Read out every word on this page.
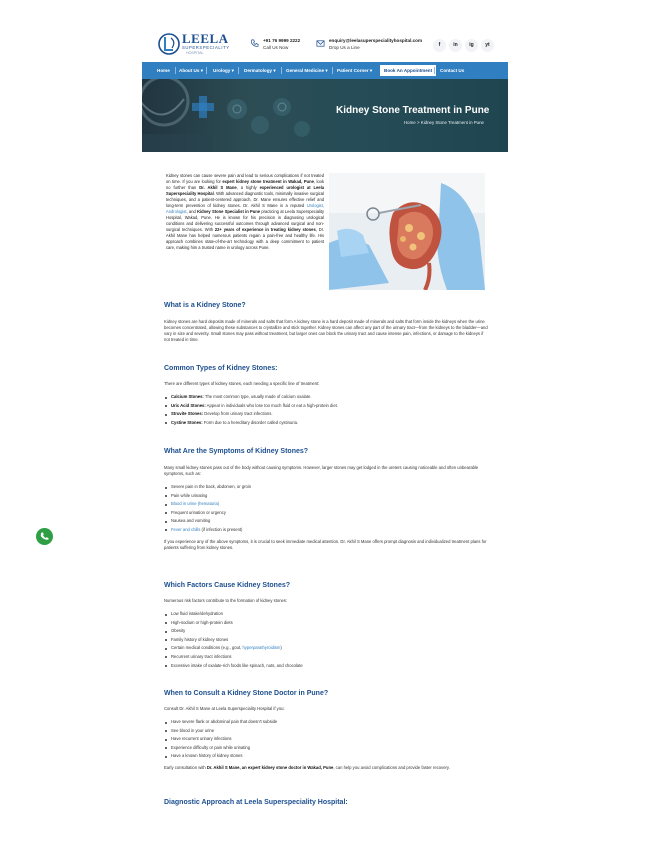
LEELA
SUPERSPECIALITY
HOSPITAL
+91 76 9999 2222
Call Us Now
enquiry@leelasuperspecialityhospital.com
Drop Us a Line	f	in	ig	yt
Home About Us ▾ Urology ▾ Dermatology ▾ General Medicine ▾ Patient Corner ▾	Book An Appointment	Contact Us
Kidney Stone Treatment in Pune
Home > Kidney Stone Treatment in Pune
Kidney stones can cause severe pain and lead to serious complications if not treated on time. If you are looking for expert kidney stone treatment in Wakad, Pune, look no further than Dr. Akhil S Mane, a highly experienced urologist at Leela Superspeciality Hospital. With advanced diagnostic tools, minimally invasive surgical techniques, and a patient-centered approach, Dr. Mane ensures effective relief and long-term prevention of kidney stones. Dr. Akhil S Mane is a reputed Urologist, Andrologist, and Kidney Stone Specialist in Pune practicing at Leela Superspeciality Hospital, Wakad, Pune. He is known for his precision in diagnosing urological conditions and delivering successful outcomes through advanced surgical and non-surgical techniques. With 22+ years of experience in treating kidney stones, Dr. Akhil Mane has helped numerous patients regain a pain-free and healthy life. His approach combines state-of-the-art technology with a deep commitment to patient care, making him a trusted name in urology across Pune.
What is a Kidney Stone?
Kidney stones are hard deposits made of minerals and salts that form A kidney stone is a hard deposit made of minerals and salts that form inside the kidneys when the urine becomes concentrated, allowing these substances to crystallize and stick together. Kidney stones can affect any part of the urinary tract—from the kidneys to the bladder—and vary in size and severity. Small stones may pass without treatment, but larger ones can block the urinary tract and cause intense pain, infections, or damage to the kidneys if not treated in time.
Common Types of Kidney Stones:
There are different types of kidney stones, each needing a specific line of treatment:
Calcium Stones: The most common type, usually made of calcium oxalate.
Uric Acid Stones: Appear in individuals who lose too much fluid or eat a high-protein diet.
Struvite Stones: Develop from urinary tract infections.
Cystine Stones: Form due to a hereditary disorder called cystinuria.
What Are the Symptoms of Kidney Stones?
Many small kidney stones pass out of the body without causing symptoms. However, larger stones may get lodged in the ureters causing noticeable and often unbearable symptoms, such as:
Severe pain in the back, abdomen, or groin
Pain while urinating
Blood in urine (hematuria)
Frequent urination or urgency
Nausea and vomiting
Fever and chills (if infection is present)
If you experience any of the above symptoms, it is crucial to seek immediate medical attention. Dr. Akhil S Mane offers prompt diagnosis and individualized treatment plans for patients suffering from kidney stones.
Which Factors Cause Kidney Stones?
Numerous risk factors contribute to the formation of kidney stones:
Low fluid intake/dehydration
High-sodium or high-protein diets
Obesity
Family history of kidney stones
Certain medical conditions (e.g., gout, hyperparathyroidism)
Recurrent urinary tract infections
Excessive intake of oxalate-rich foods like spinach, nuts, and chocolate
When to Consult a Kidney Stone Doctor in Pune?
Consult Dr. Akhil S Mane at Leela Superspeciality Hospital if you:
Have severe flank or abdominal pain that doesn't subside
See blood in your urine
Have recurrent urinary infections
Experience difficulty or pain while urinating
Have a known history of kidney stones
Early consultation with Dr. Akhil S Mane, an expert kidney stone doctor in Wakad, Pune, can help you avoid complications and provide faster recovery.
Diagnostic Approach at Leela Superspeciality Hospital:
